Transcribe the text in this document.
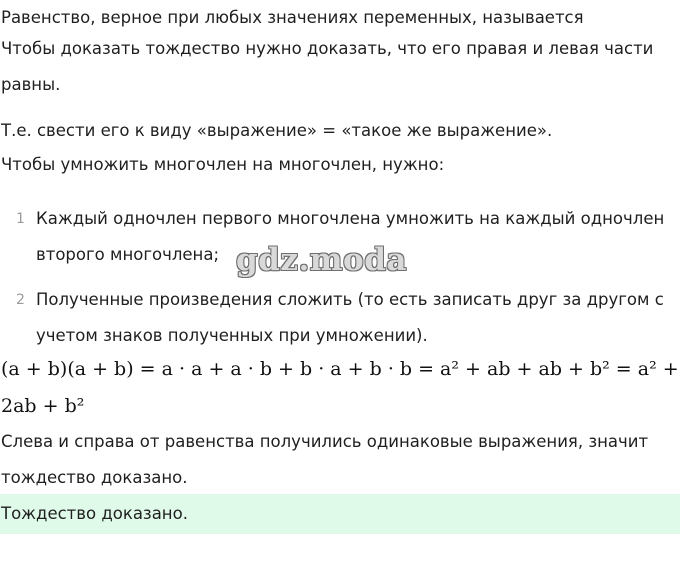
Равенство, верное при любых значениях переменных, называется
Чтобы доказать тождество нужно доказать, что его правая и левая части
равны.
Т.е. свести его к виду «выражение» = «такое же выражение».
Чтобы умножить многочлен на многочлен, нужно:
1 Каждый одночлен первого многочлена умножить на каждый одночлен
второго многочлена;
2 Полученные произведения сложить (то есть записать друг за другом с
учетом знаков полученных при умножении).
(a + b)(a + b) = a · a + a · b + b · a + b · b = a² + ab + ab + b² = a² +
2ab + b²
Слева и справа от равенства получились одинаковые выражения, значит
тождество доказано.
Тождество доказано.
gdz.moda
